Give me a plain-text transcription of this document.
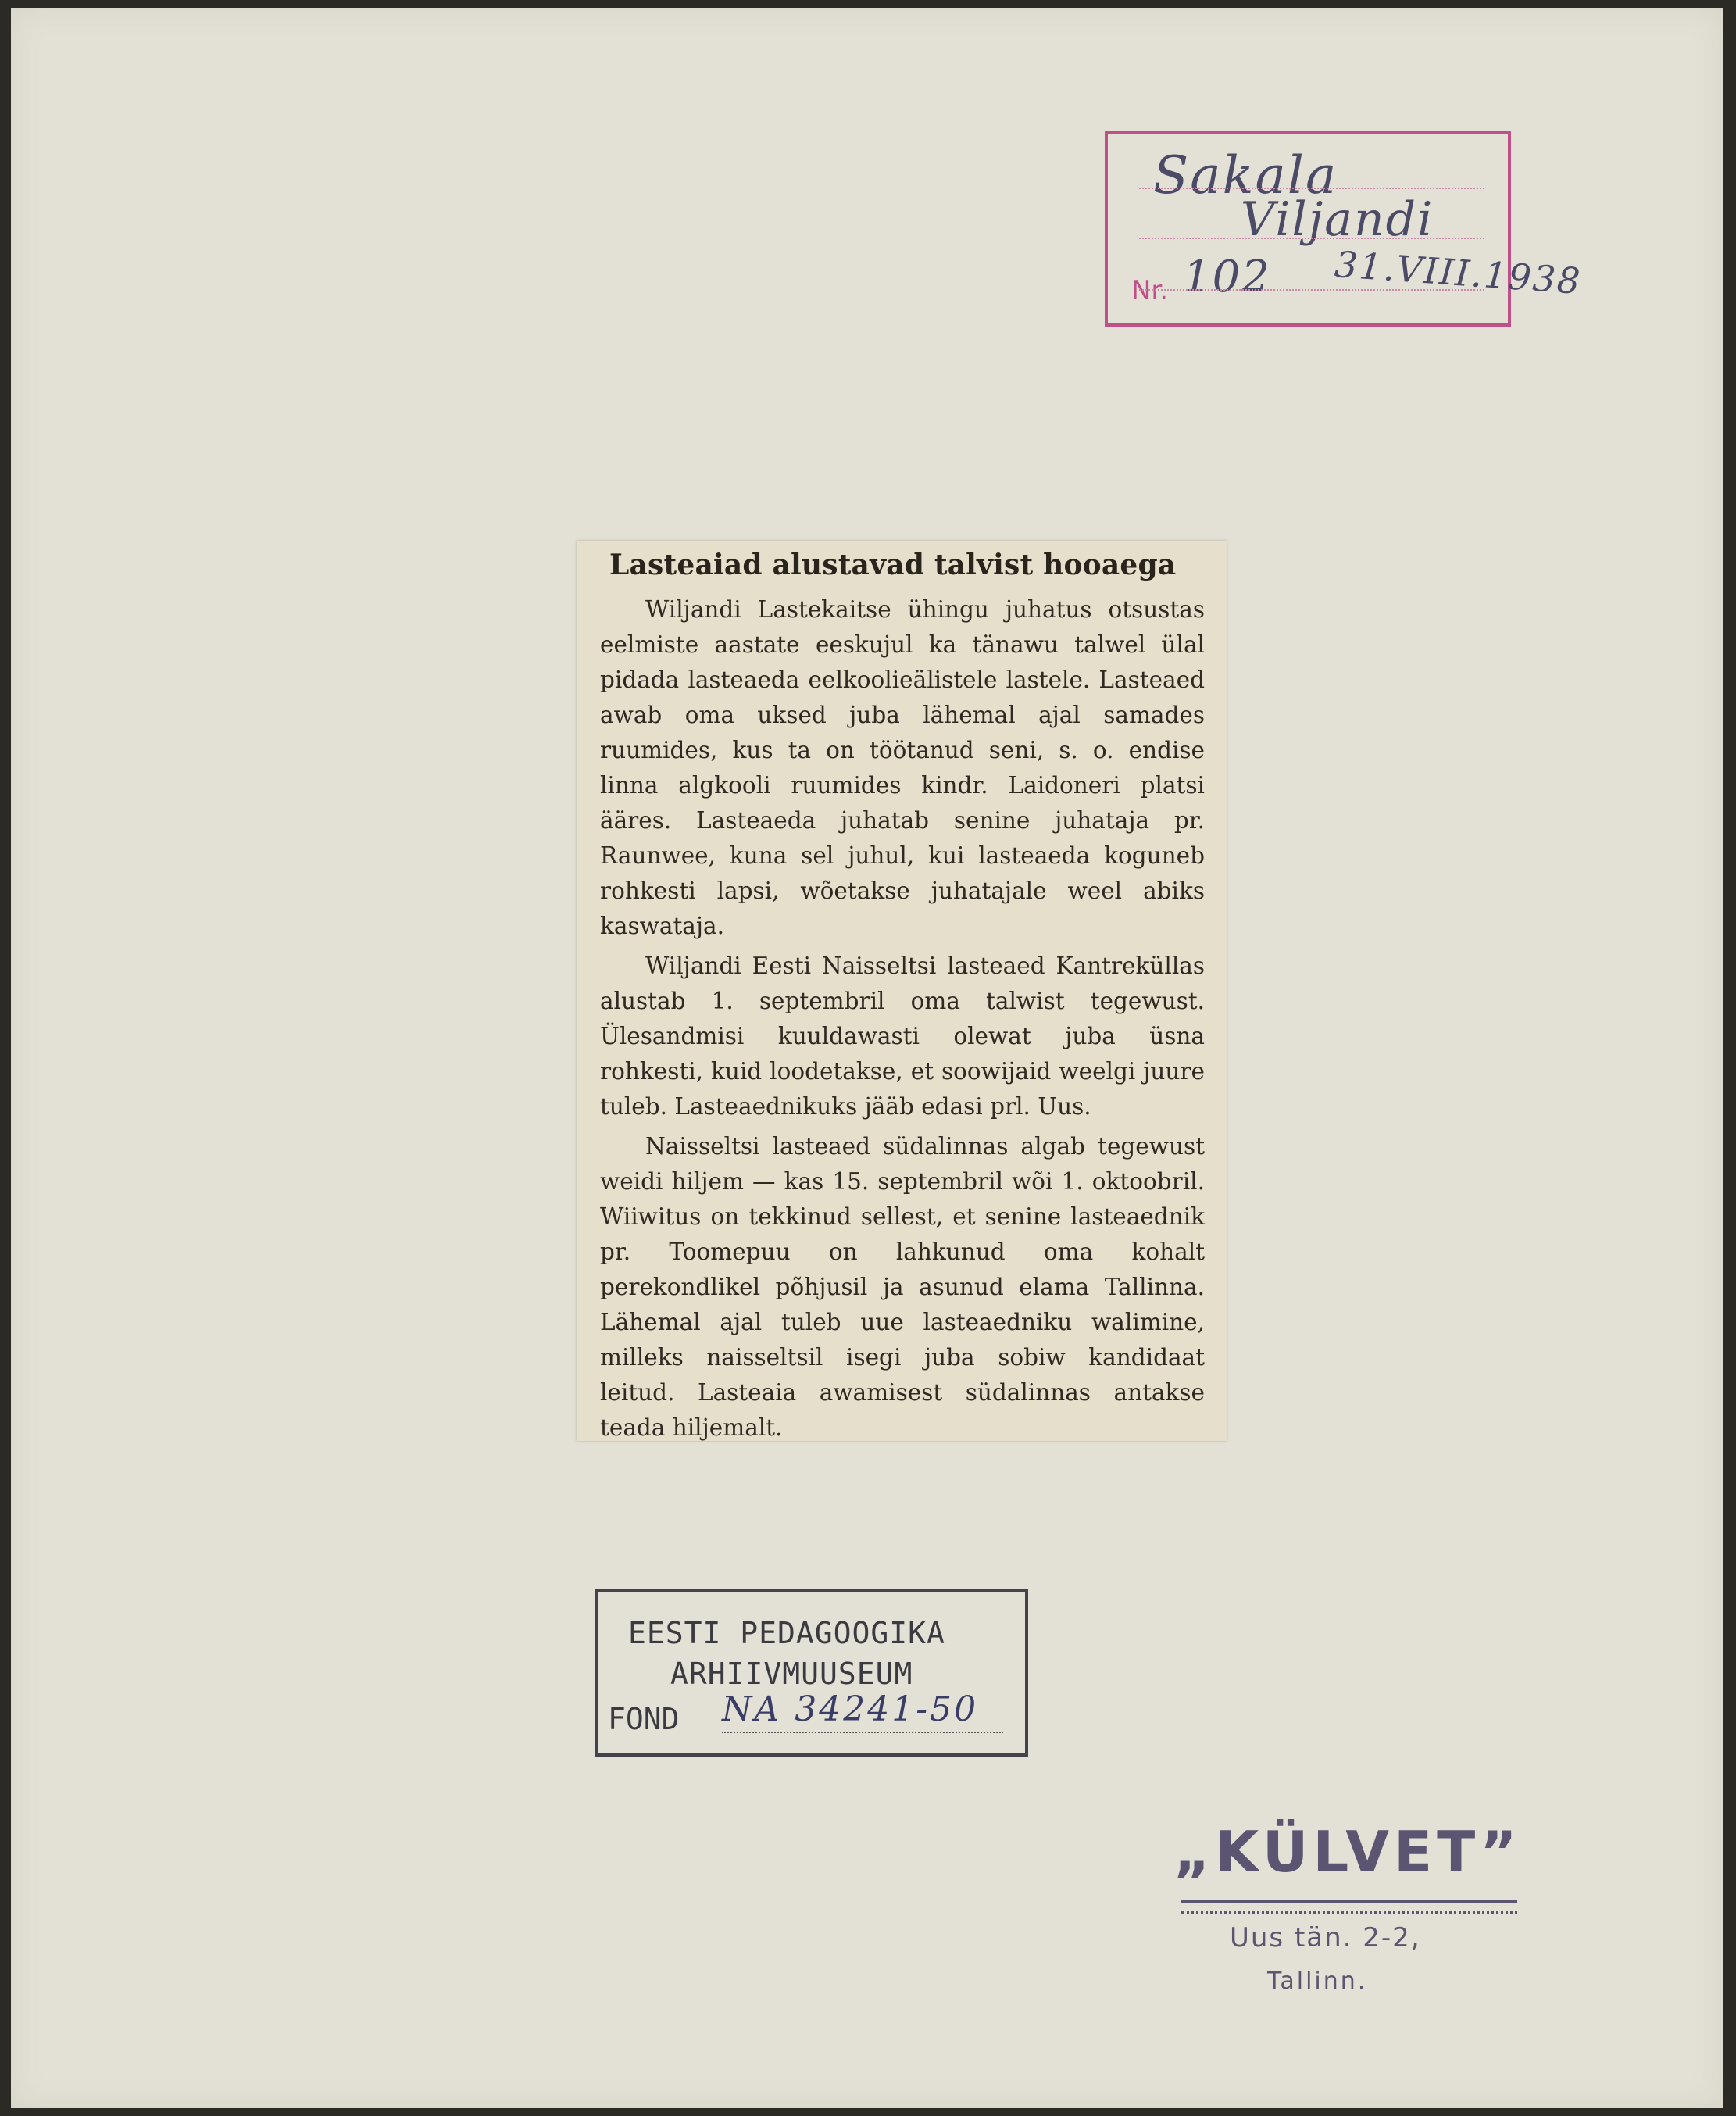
Sakala
Viljandi
Nr. 102 31.VIII.1938
Lasteaiad alustavad talvist hooaega

Wiljandi Lastekaitse ühingu juhatus otsustas eelmiste aastate eeskujul ka tänawu talwel ülal pidada lasteaeda eelkoolieälistele lastele. Lasteaed awab oma uksed juba lähemal ajal samades ruumides, kus ta on töötanud seni, s. o. endise linna algkooli ruumides kindr. Laidoneri platsi ääres. Lasteaeda juhatab senine juhataja pr. Raunwee, kuna sel juhul, kui lasteaeda koguneb rohkesti lapsi, wõetakse juhatajale weel abiks kaswataja.

Wiljandi Eesti Naisseltsi lasteaed Kantreküllas alustab 1. septembril oma talwist tegewust. Ülesandmisi kuuldawasti olewat juba üsna rohkesti, kuid loodetakse, et soowijaid weelgi juure tuleb. Lasteaednikuks jääb edasi prl. Uus.

Naisseltsi lasteaed südalinnas algab tegewust weidi hiljem — kas 15. septembril wõi 1. oktoobril. Wiiwitus on tekkinud sellest, et senine lasteaednik pr. Toomepuu on lahkunud oma kohalt perekondlikel põhjusil ja asunud elama Tallinna. Lähemal ajal tuleb uue lasteaedniku walimine, milleks naisseltsil isegi juba sobiw kandidaat leitud. Lasteaia awamisest südalinnas antakse teada hiljemalt.

EESTI PEDAGOOGIKA
ARHIIVMUUSEUM
FOND NA 34241-50
„KÜLVET”
Uus tän. 2-2,
Tallinn.
